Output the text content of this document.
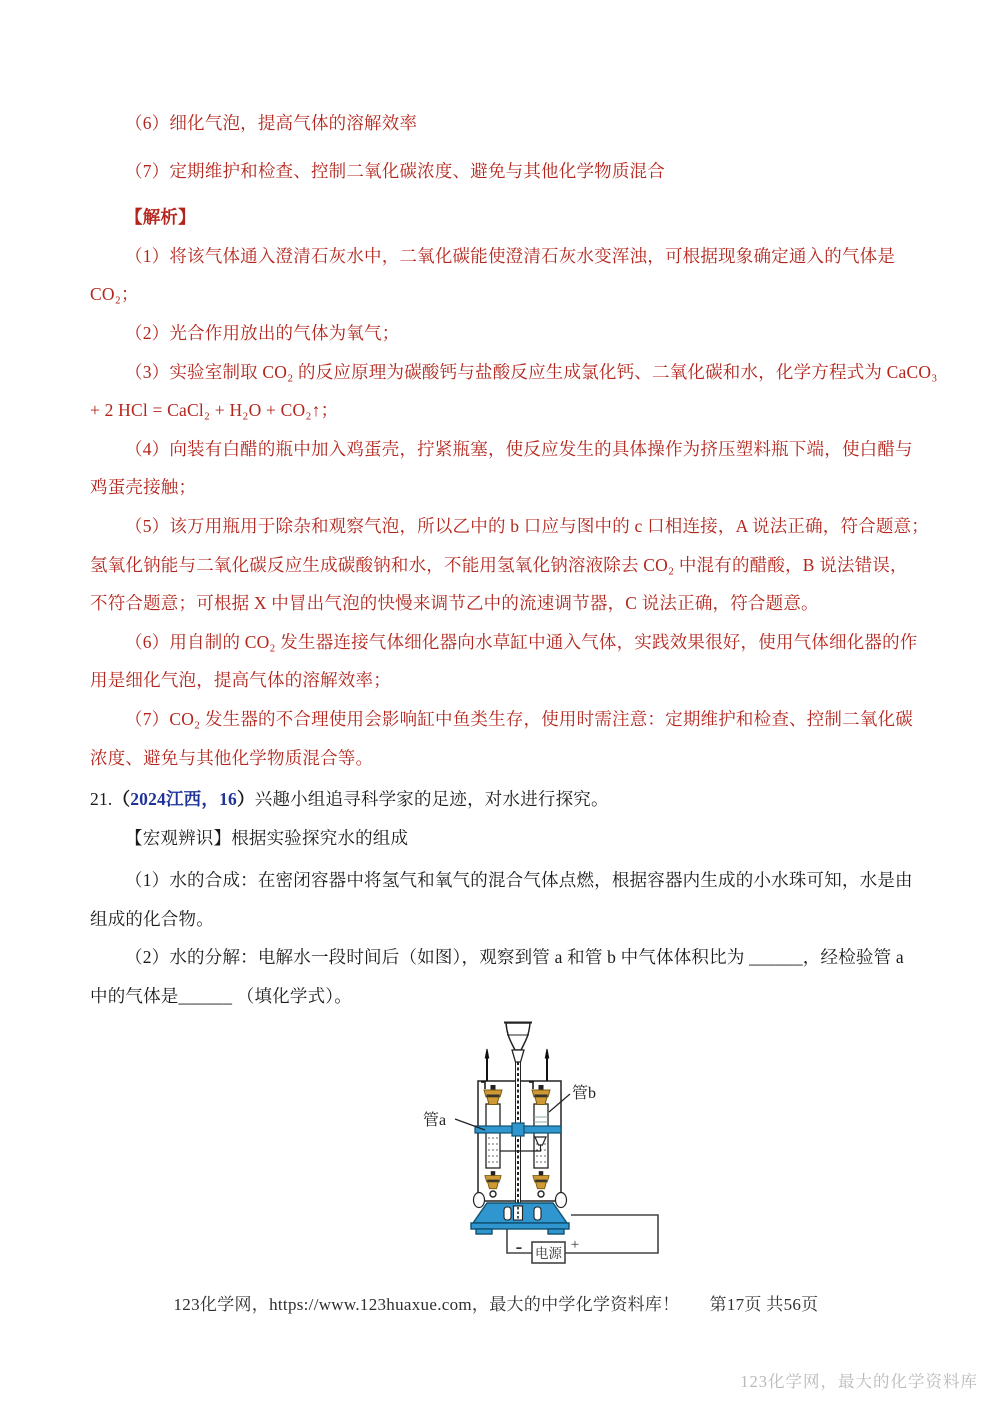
（6）细化气泡，提高气体的溶解效率

（7）定期维护和检查、控制二氧化碳浓度、避免与其他化学物质混合

【解析】

（1）将该气体通入澄清石灰水中，二氧化碳能使澄清石灰水变浑浊，可根据现象确定通入的气体是

CO₂；

（2）光合作用放出的气体为氧气；

（3）实验室制取 CO₂ 的反应原理为碳酸钙与盐酸反应生成氯化钙、二氧化碳和水，化学方程式为 CaCO₃

+ 2 HCl = CaCl₂ + H₂O + CO₂↑；

（4）向装有白醋的瓶中加入鸡蛋壳，拧紧瓶塞，使反应发生的具体操作为挤压塑料瓶下端，使白醋与

鸡蛋壳接触；

（5）该万用瓶用于除杂和观察气泡，所以乙中的 b 口应与图中的 c 口相连接，A 说法正确，符合题意；

氢氧化钠能与二氧化碳反应生成碳酸钠和水，不能用氢氧化钠溶液除去 CO₂ 中混有的醋酸，B 说法错误，

不符合题意；可根据 X 中冒出气泡的快慢来调节乙中的流速调节器，C 说法正确，符合题意。

（6）用自制的 CO₂ 发生器连接气体细化器向水草缸中通入气体，实践效果很好，使用气体细化器的作

用是细化气泡，提高气体的溶解效率；

（7）CO₂ 发生器的不合理使用会影响缸中鱼类生存，使用时需注意：定期维护和检查、控制二氧化碳

浓度、避免与其他化学物质混合等。

21.（2024江西，16）兴趣小组追寻科学家的足迹，对水进行探究。

【宏观辨识】根据实验探究水的组成

（1）水的合成：在密闭容器中将氢气和氧气的混合气体点燃，根据容器内生成的小水珠可知，水是由

组成的化合物。

（2）水的分解：电解水一段时间后（如图），观察到管 a 和管 b 中气体体积比为 ______，经检验管 a

中的气体是______ （填化学式）。

电源
-	+
管a
管b
123化学网，https://www.123huaxue.com，最大的中学化学资料库！ 第17页 共56页
123化学网，最大的化学资料库
